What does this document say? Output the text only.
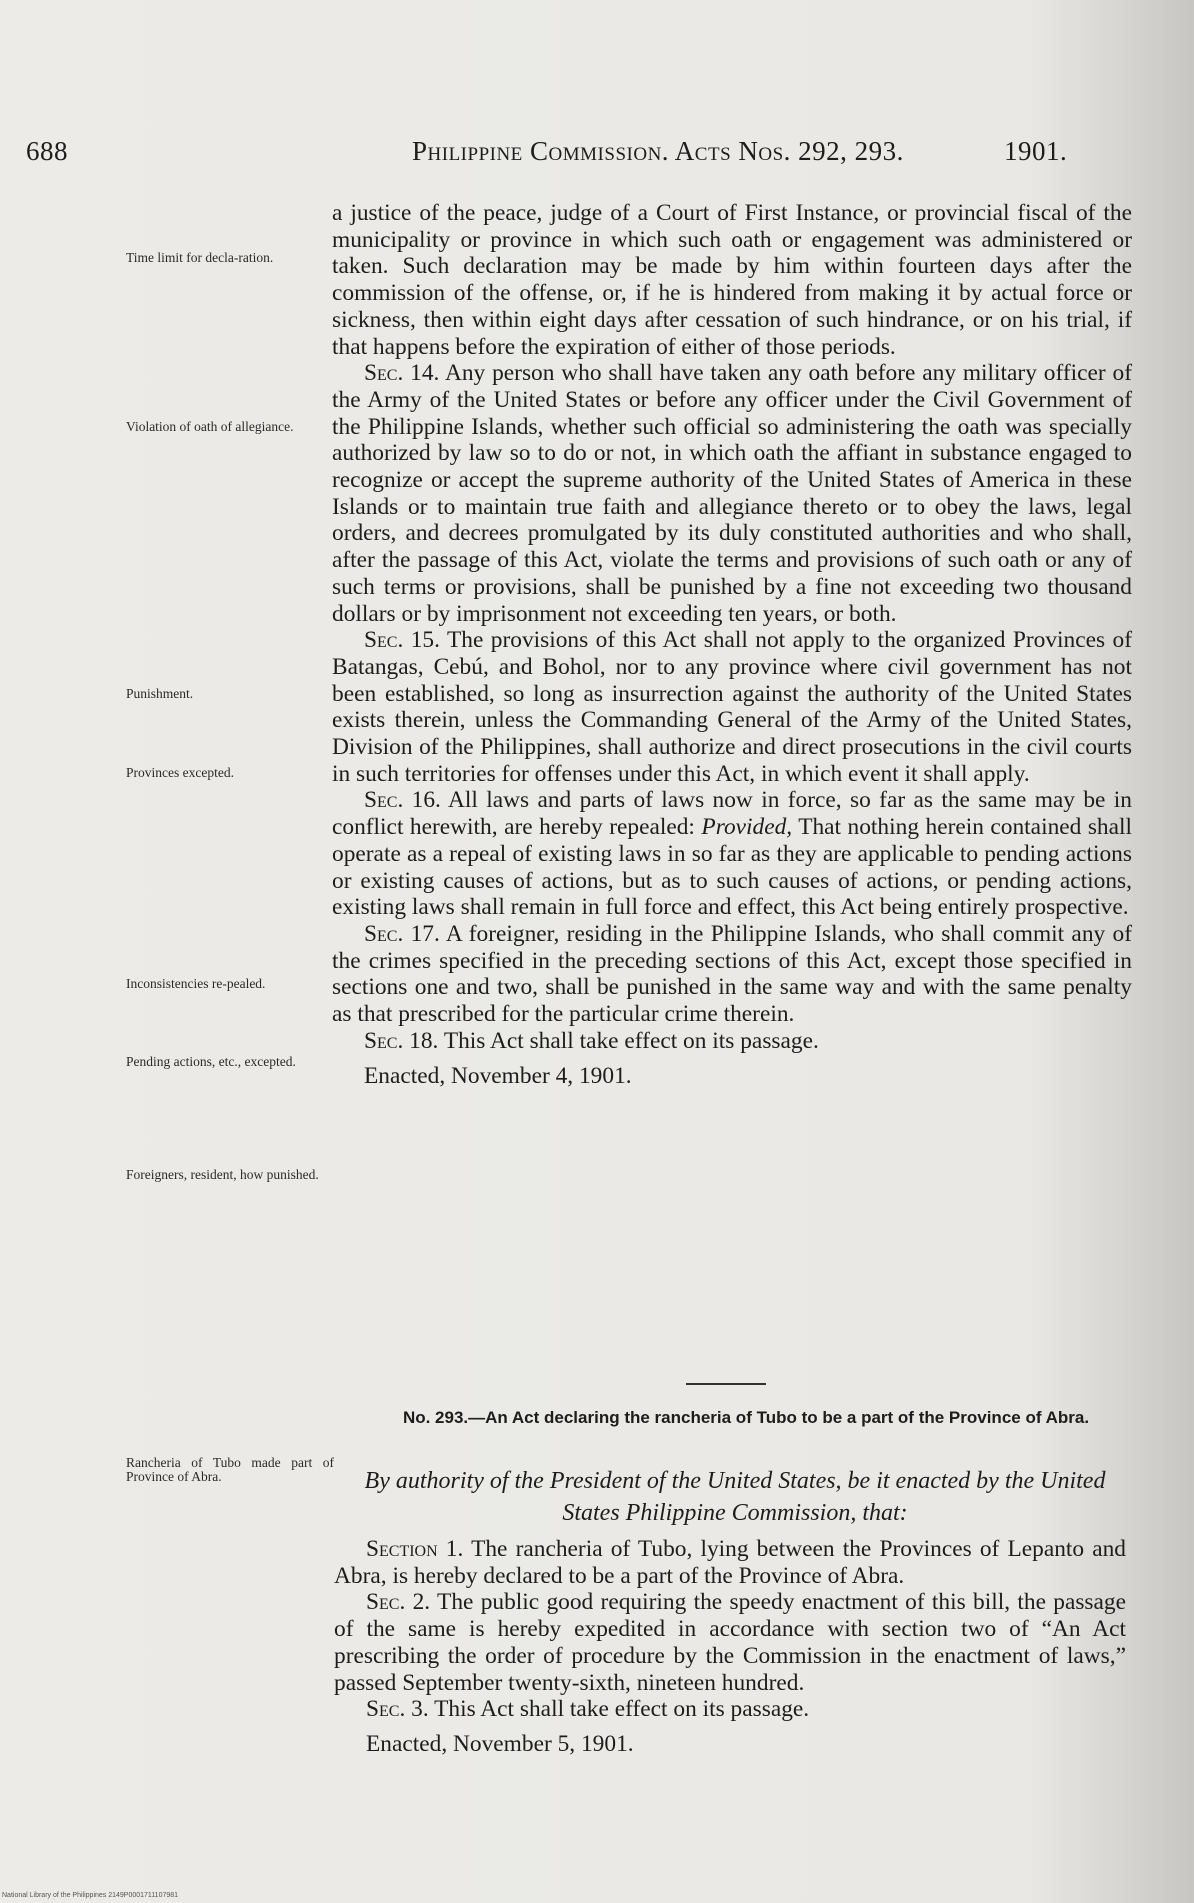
688	Philippine Commission. Acts Nos. 292, 293.	1901.
Time limit for decla-ration.
Violation of oath of allegiance.
Punishment.
Provinces excepted.
Inconsistencies re-pealed.
Pending actions, etc., excepted.
Foreigners, resident, how punished.
Rancheria of Tubo made part of Province of Abra.

a justice of the peace, judge of a Court of First Instance, or provincial fiscal of the municipality or province in which such oath or engagement was administered or taken. Such declaration may be made by him within fourteen days after the commission of the offense, or, if he is hindered from making it by actual force or sickness, then within eight days after cessation of such hindrance, or on his trial, if that happens before the expiration of either of those periods.

Sec. 14. Any person who shall have taken any oath before any military officer of the Army of the United States or before any officer under the Civil Government of the Philippine Islands, whether such official so administering the oath was specially authorized by law so to do or not, in which oath the affiant in substance engaged to recognize or accept the supreme authority of the United States of America in these Islands or to maintain true faith and allegiance thereto or to obey the laws, legal orders, and decrees promulgated by its duly constituted authorities and who shall, after the passage of this Act, violate the terms and provisions of such oath or any of such terms or provisions, shall be punished by a fine not exceeding two thousand dollars or by imprisonment not exceeding ten years, or both.

Sec. 15. The provisions of this Act shall not apply to the organized Provinces of Batangas, Cebú, and Bohol, nor to any province where civil government has not been established, so long as insurrection against the authority of the United States exists therein, unless the Commanding General of the Army of the United States, Division of the Philippines, shall authorize and direct prosecutions in the civil courts in such territories for offenses under this Act, in which event it shall apply.

Sec. 16. All laws and parts of laws now in force, so far as the same may be in conflict herewith, are hereby repealed: Provided, That nothing herein contained shall operate as a repeal of existing laws in so far as they are applicable to pending actions or existing causes of actions, but as to such causes of actions, or pending actions, existing laws shall remain in full force and effect, this Act being entirely prospective.

Sec. 17. A foreigner, residing in the Philippine Islands, who shall commit any of the crimes specified in the preceding sections of this Act, except those specified in sections one and two, shall be punished in the same way and with the same penalty as that prescribed for the particular crime therein.

Sec. 18. This Act shall take effect on its passage.

Enacted, November 4, 1901.

No. 293.—An Act declaring the rancheria of Tubo to be a part of the Province of Abra.
By authority of the President of the United States, be it enacted by the United States Philippine Commission, that:

Section 1. The rancheria of Tubo, lying between the Provinces of Lepanto and Abra, is hereby declared to be a part of the Province of Abra.

Sec. 2. The public good requiring the speedy enactment of this bill, the passage of the same is hereby expedited in accordance with section two of “An Act prescribing the order of procedure by the Commission in the enactment of laws,” passed September twenty-sixth, nineteen hundred.

Sec. 3. This Act shall take effect on its passage.

Enacted, November 5, 1901.

National Library of the Philippines 2149P0001711107981
